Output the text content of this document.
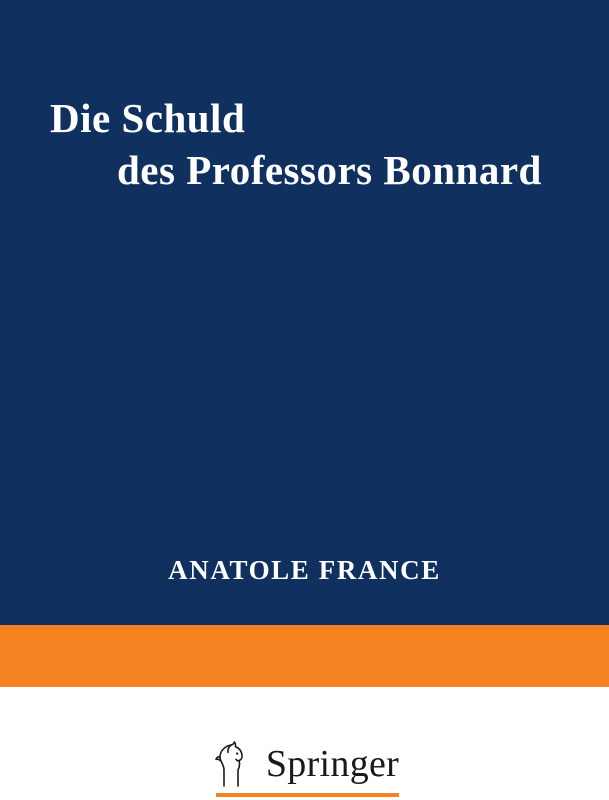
Die Schuld
des Professors Bonnard
ANATOLE FRANCE
Springer
